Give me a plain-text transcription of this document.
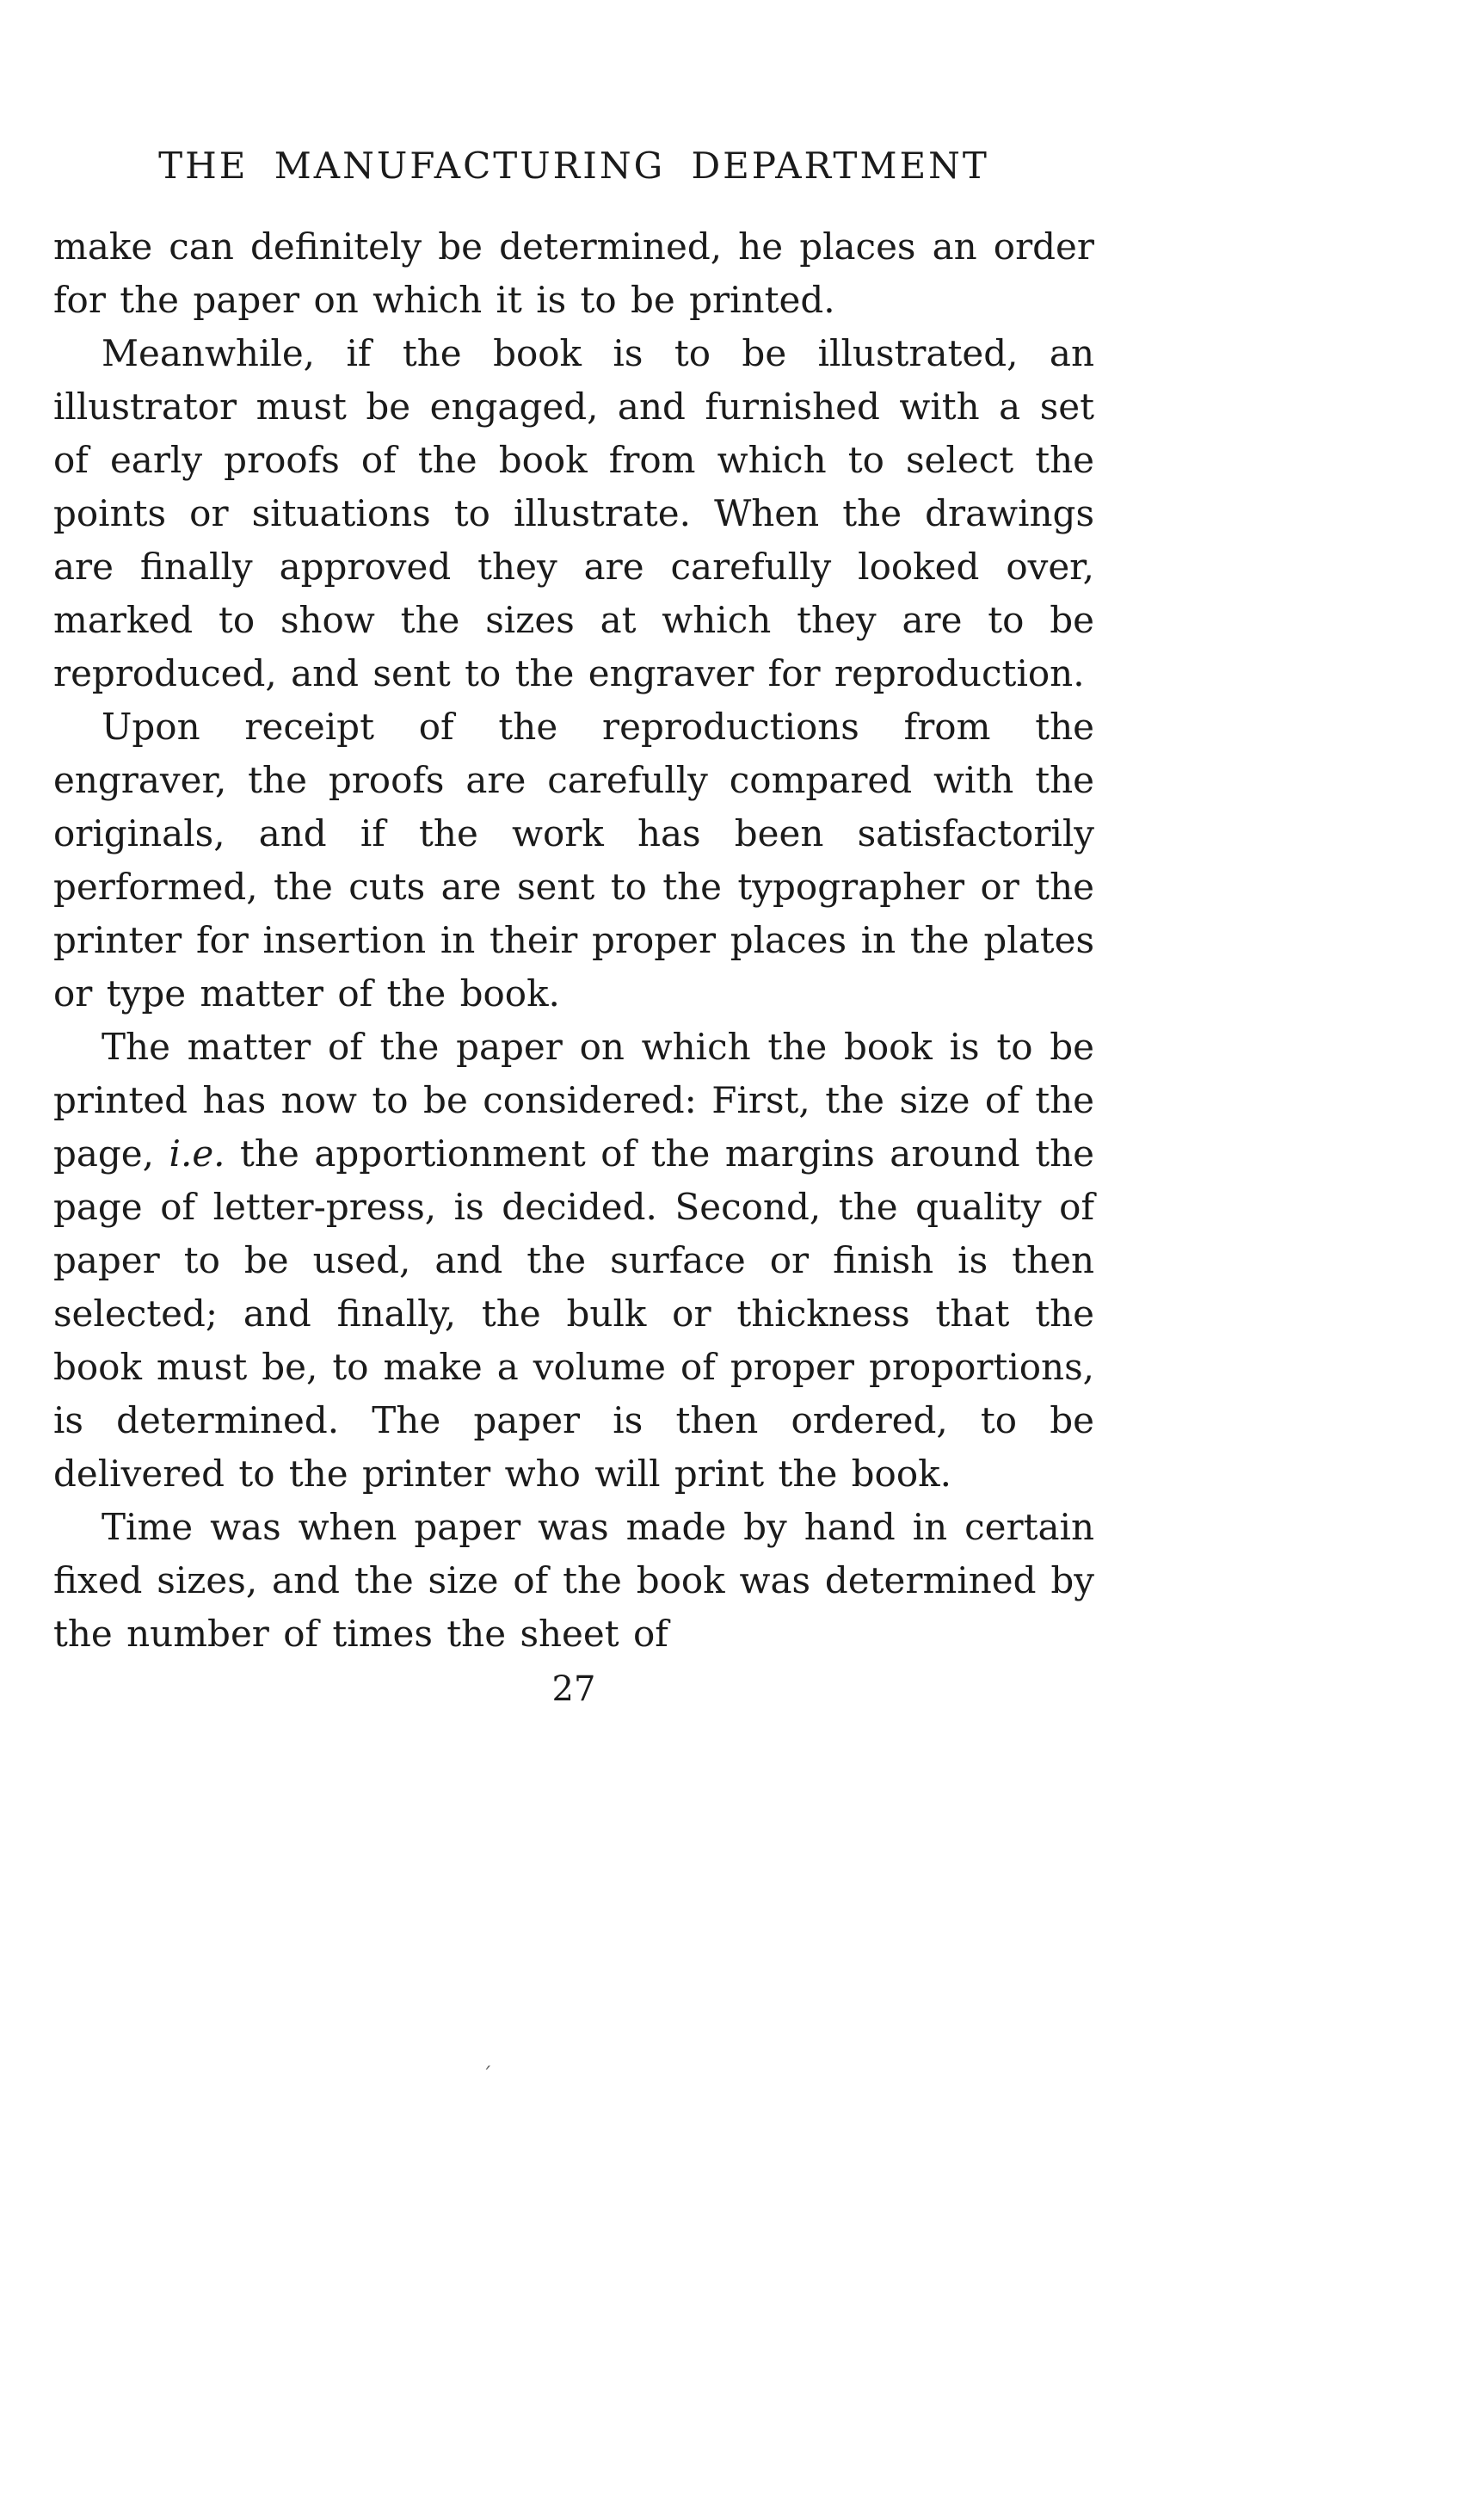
THE MANUFACTURING DEPARTMENT

make can definitely be determined, he places an order for the paper on which it is to be printed.

Meanwhile, if the book is to be illustrated, an illustrator must be engaged, and furnished with a set of early proofs of the book from which to select the points or situations to illustrate. When the drawings are finally approved they are carefully looked over, marked to show the sizes at which they are to be reproduced, and sent to the engraver for reproduction.

Upon receipt of the reproductions from the engraver, the proofs are carefully compared with the originals, and if the work has been satisfactorily performed, the cuts are sent to the typographer or the printer for insertion in their proper places in the plates or type matter of the book.

The matter of the paper on which the book is to be printed has now to be considered: First, the size of the page, i.e. the apportionment of the margins around the page of letter-press, is decided. Second, the quality of paper to be used, and the surface or finish is then selected; and finally, the bulk or thickness that the book must be, to make a volume of proper proportions, is determined. The paper is then ordered, to be delivered to the printer who will print the book.

Time was when paper was made by hand in certain fixed sizes, and the size of the book was determined by the number of times the sheet of

27
´
